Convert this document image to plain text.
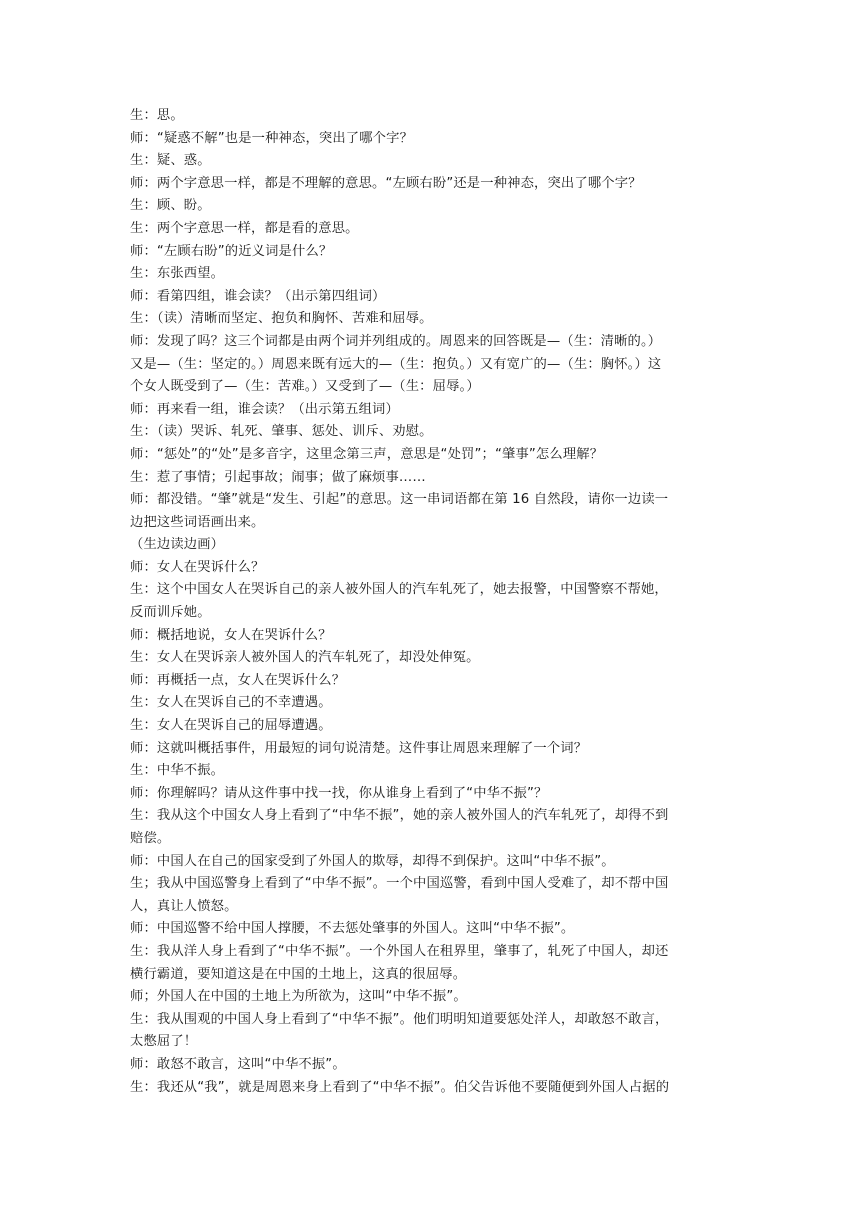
生：思。
师：“疑惑不解”也是一种神态，突出了哪个字？
生：疑、惑。
师：两个字意思一样，都是不理解的意思。“左顾右盼”还是一种神态，突出了哪个字？
生：顾、盼。
生：两个字意思一样，都是看的意思。
师：“左顾右盼”的近义词是什么？
生：东张西望。
师：看第四组，谁会读？（出示第四组词）
生：（读）清晰而坚定、抱负和胸怀、苦难和屈辱。
师：发现了吗？这三个词都是由两个词并列组成的。周恩来的回答既是—（生：清晰的。）
又是—（生：坚定的。）周恩来既有远大的—（生：抱负。）又有宽广的—（生：胸怀。）这
个女人既受到了—（生：苦难。）又受到了—（生：屈辱。）
师：再来看一组，谁会读？（出示第五组词）
生：（读）哭诉、轧死、肇事、惩处、训斥、劝慰。
师：“惩处”的“处”是多音字，这里念第三声，意思是“处罚”；“肇事”怎么理解？
生：惹了事情；引起事故；闹事；做了麻烦事……
师：都没错。“肇”就是“发生、引起”的意思。这一串词语都在第 16 自然段，请你一边读一
边把这些词语画出来。
（生边读边画）
师：女人在哭诉什么？
生：这个中国女人在哭诉自己的亲人被外国人的汽车轧死了，她去报警，中国警察不帮她，
反而训斥她。
师：概括地说，女人在哭诉什么？
生：女人在哭诉亲人被外国人的汽车轧死了，却没处伸冤。
师：再概括一点，女人在哭诉什么？
生：女人在哭诉自己的不幸遭遇。
生：女人在哭诉自己的屈辱遭遇。
师：这就叫概括事件，用最短的词句说清楚。这件事让周恩来理解了一个词？
生：中华不振。
师：你理解吗？请从这件事中找一找，你从谁身上看到了“中华不振”？
生：我从这个中国女人身上看到了“中华不振”，她的亲人被外国人的汽车轧死了，却得不到
赔偿。
师：中国人在自己的国家受到了外国人的欺辱，却得不到保护。这叫“中华不振”。
生；我从中国巡警身上看到了“中华不振”。一个中国巡警，看到中国人受难了，却不帮中国
人，真让人愤怒。
师：中国巡警不给中国人撑腰，不去惩处肇事的外国人。这叫“中华不振”。
生：我从洋人身上看到了“中华不振”。一个外国人在租界里，肇事了，轧死了中国人，却还
横行霸道，要知道这是在中国的土地上，这真的很屈辱。
师；外国人在中国的土地上为所欲为，这叫“中华不振”。
生：我从围观的中国人身上看到了“中华不振”。他们明明知道要惩处洋人，却敢怒不敢言，
太憋屈了！
师：敢怒不敢言，这叫“中华不振”。
生：我还从“我”，就是周恩来身上看到了“中华不振”。伯父告诉他不要随便到外国人占据的
